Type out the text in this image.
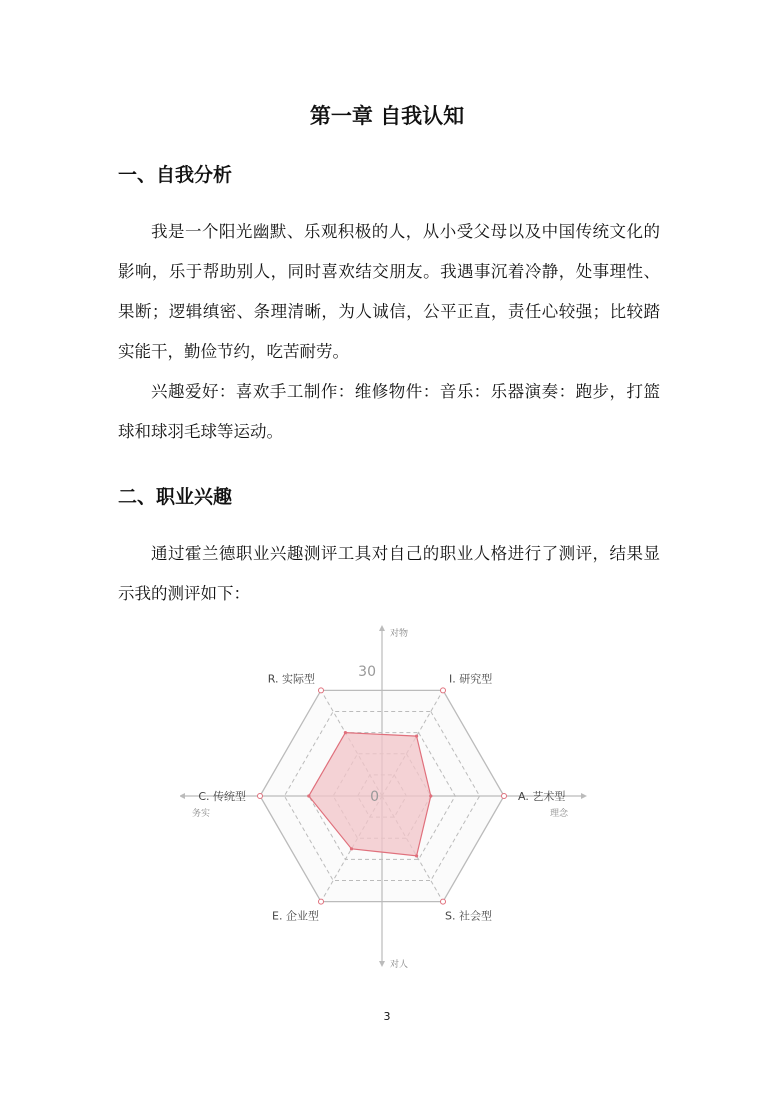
第一章 自我认知
一、自我分析

我是一个阳光幽默、乐观积极的人，从小受父母以及中国传统文化的影响，乐于帮助别人，同时喜欢结交朋友。我遇事沉着冷静，处事理性、果断；逻辑缜密、条理清晰，为人诚信，公平正直，责任心较强；比较踏实能干，勤俭节约，吃苦耐劳。

兴趣爱好：喜欢手工制作：维修物件：音乐：乐器演奏：跑步，打篮球和球羽毛球等运动。

二、职业兴趣

通过霍兰德职业兴趣测评工具对自己的职业人格进行了测评，结果显示我的测评如下：

I. 研究型
A. 艺术型
S. 社会型
E. 企业型
C. 传统型
R. 实际型	30
0
对物
对人
务实	理念

3
